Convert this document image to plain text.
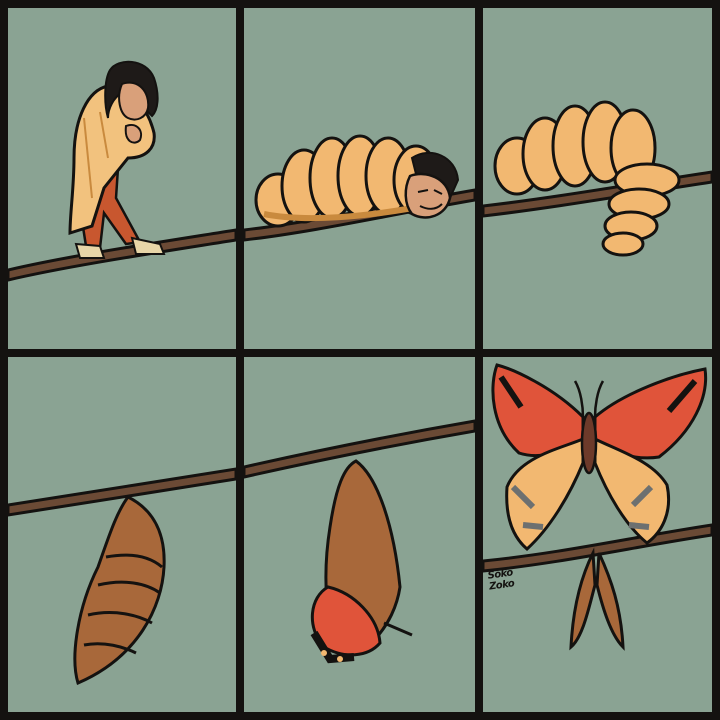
Soko Zoko
